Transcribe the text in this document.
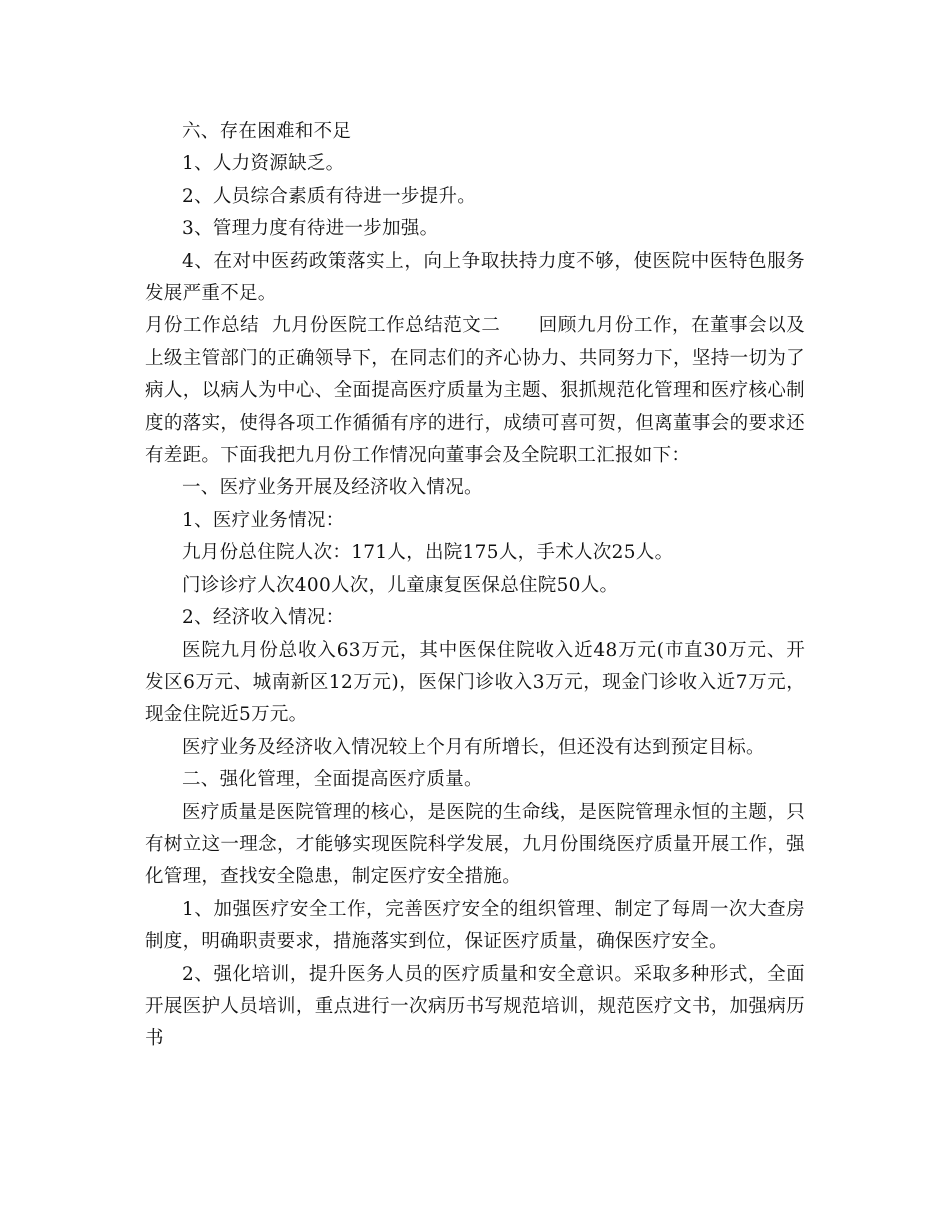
六、存在困难和不足

1、人力资源缺乏。

2、人员综合素质有待进一步提升。

3、管理力度有待进一步加强。

4、在对中医药政策落实上，向上争取扶持力度不够，使医院中医特色服务发展严重不足。

月份工作总结  九月份医院工作总结范文二      回顾九月份工作，在董事会以及上级主管部门的正确领导下，在同志们的齐心协力、共同努力下，坚持一切为了病人，以病人为中心、全面提高医疗质量为主题、狠抓规范化管理和医疗核心制度的落实，使得各项工作循循有序的进行，成绩可喜可贺，但离董事会的要求还有差距。下面我把九月份工作情况向董事会及全院职工汇报如下：

一、医疗业务开展及经济收入情况。

1、医疗业务情况：

九月份总住院人次：171人，出院175人，手术人次25人。

门诊诊疗人次400人次，儿童康复医保总住院50人。

2、经济收入情况：

医院九月份总收入63万元，其中医保住院收入近48万元(市直30万元、开发区6万元、城南新区12万元)，医保门诊收入3万元，现金门诊收入近7万元，现金住院近5万元。

医疗业务及经济收入情况较上个月有所增长，但还没有达到预定目标。

二、强化管理，全面提高医疗质量。

医疗质量是医院管理的核心，是医院的生命线，是医院管理永恒的主题，只有树立这一理念，才能够实现医院科学发展，九月份围绕医疗质量开展工作，强化管理，查找安全隐患，制定医疗安全措施。

1、加强医疗安全工作，完善医疗安全的组织管理、制定了每周一次大查房制度，明确职责要求，措施落实到位，保证医疗质量，确保医疗安全。

2、强化培训，提升医务人员的医疗质量和安全意识。采取多种形式，全面开展医护人员培训，重点进行一次病历书写规范培训，规范医疗文书，加强病历书
